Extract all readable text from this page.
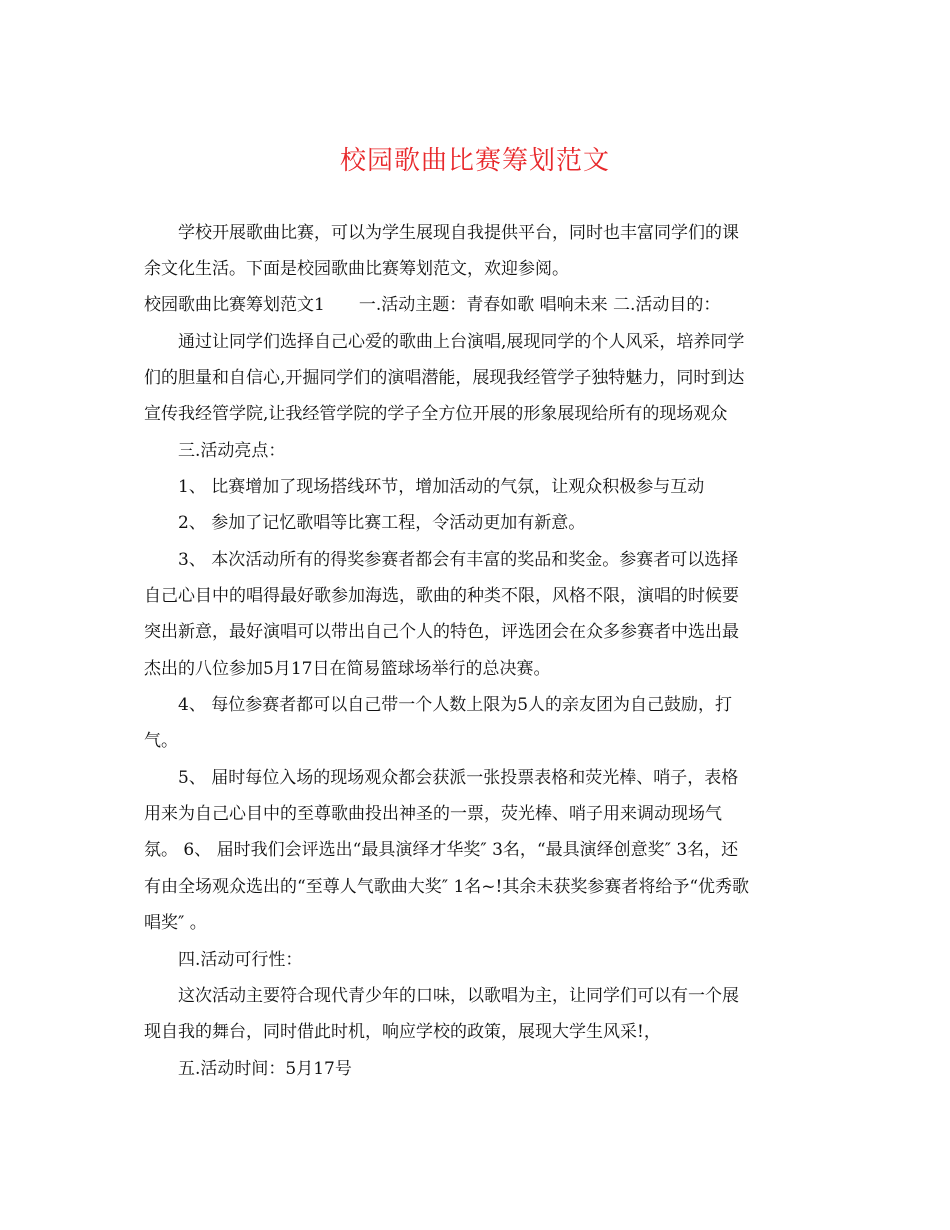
校园歌曲比赛筹划范文
学校开展歌曲比赛，可以为学生展现自我提供平台，同时也丰富同学们的课
余文化生活。下面是校园歌曲比赛筹划范文，欢迎参阅。
校园歌曲比赛筹划范文1　　一.活动主题：青春如歌 唱响未来 二.活动目的：
通过让同学们选择自己心爱的歌曲上台演唱,展现同学的个人风采，培养同学
们的胆量和自信心,开掘同学们的演唱潜能，展现我经管学子独特魅力，同时到达
宣传我经管学院,让我经管学院的学子全方位开展的形象展现给所有的现场观众
三.活动亮点：
1、 比赛增加了现场搭线环节，增加活动的气氛，让观众积极参与互动
2、 参加了记忆歌唱等比赛工程，令活动更加有新意。
3、 本次活动所有的得奖参赛者都会有丰富的奖品和奖金。参赛者可以选择
自己心目中的唱得最好歌参加海选，歌曲的种类不限，风格不限，演唱的时候要
突出新意，最好演唱可以带出自己个人的特色，评选团会在众多参赛者中选出最
杰出的八位参加5月17日在简易篮球场举行的总决赛。
4、 每位参赛者都可以自己带一个人数上限为5人的亲友团为自己鼓励，打
气。
5、 届时每位入场的现场观众都会获派一张投票表格和荧光棒、哨子，表格
用来为自己心目中的至尊歌曲投出神圣的一票，荧光棒、哨子用来调动现场气
氛。 6、 届时我们会评选出“最具演绎才华奖″ 3名，“最具演绎创意奖″ 3名，还
有由全场观众选出的“至尊人气歌曲大奖″ 1名~!其余未获奖参赛者将给予“优秀歌
唱奖″ 。
四.活动可行性：
这次活动主要符合现代青少年的口味，以歌唱为主，让同学们可以有一个展
现自我的舞台，同时借此时机，响应学校的政策，展现大学生风采!，
五.活动时间：5月17号
